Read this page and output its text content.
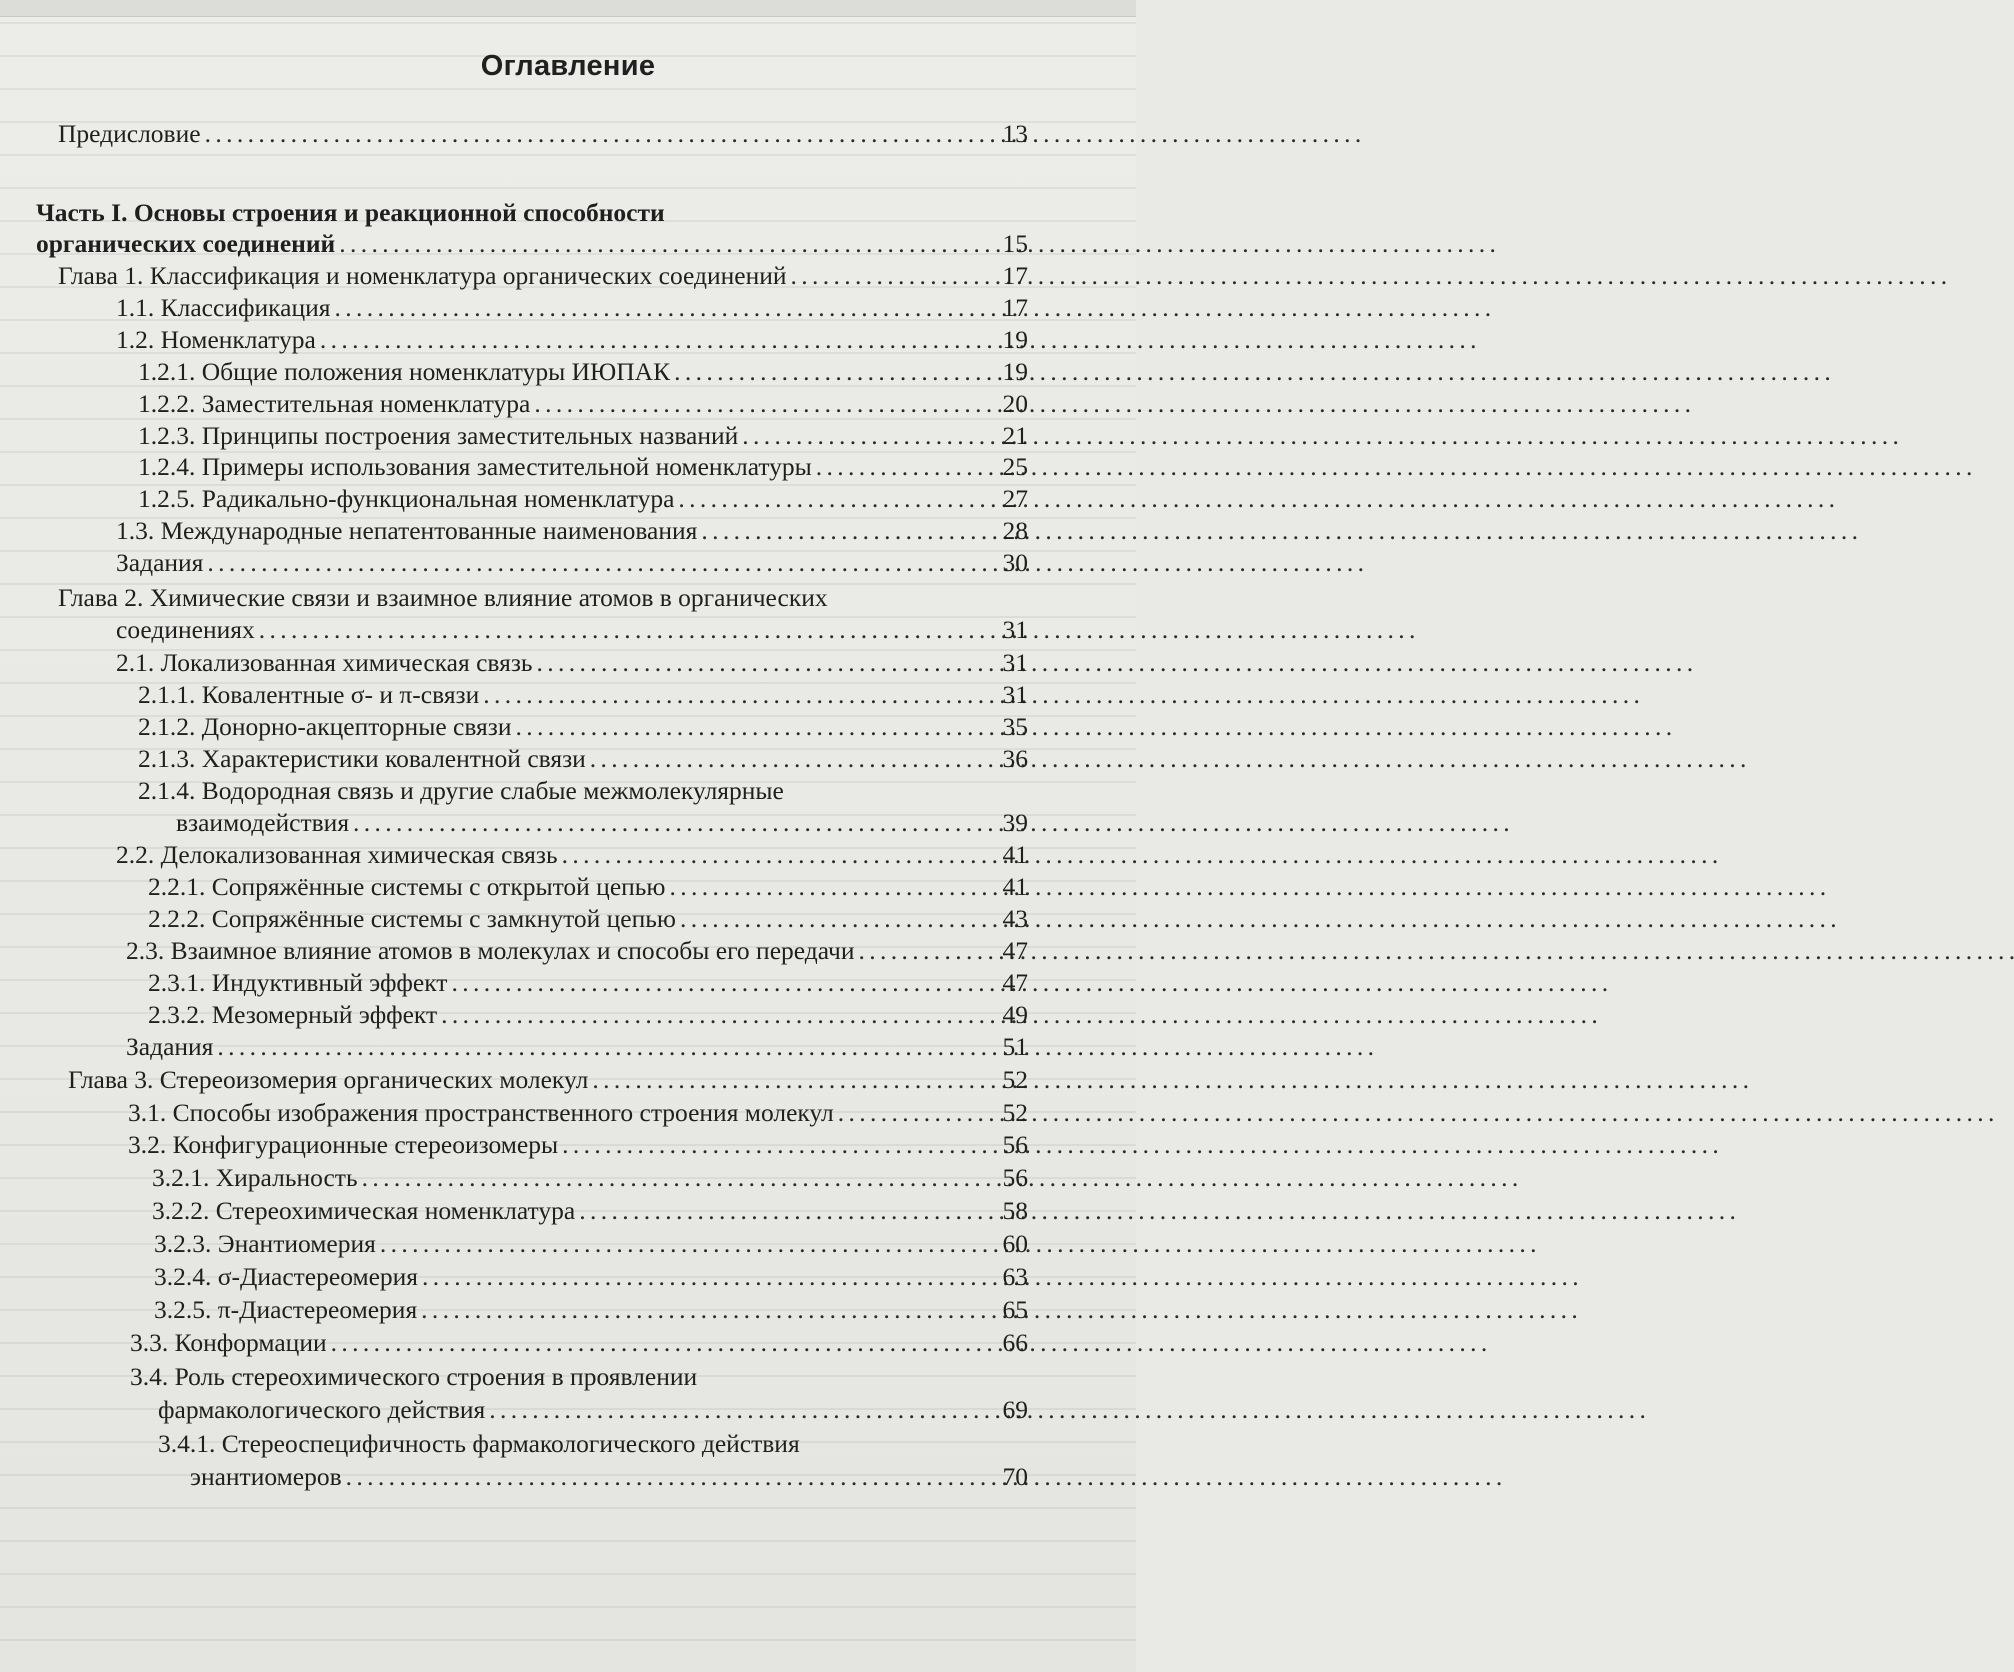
Оглавление
Предисловие . . .	13
Часть I. Основы строения и реакционной способности
органических соединений . . .	15
Глава 1. Классификация и номенклатура органических соединений . . .	17
1.1. Классификация . . .	17
1.2. Номенклатура . . .	19
1.2.1. Общие положения номенклатуры ИЮПАК . . .	19
1.2.2. Заместительная номенклатура . . .	20
1.2.3. Принципы построения заместительных названий . . .	21
1.2.4. Примеры использования заместительной номенклатуры . . .	25
1.2.5. Радикально-функциональная номенклатура . . .	27
1.3. Международные непатентованные наименования . . .	28
Задания . . .	30
Глава 2. Химические связи и взаимное влияние атомов в органических
соединениях . . .	31
2.1. Локализованная химическая связь . . .	31
2.1.1. Ковалентные σ- и π-связи . . .	31
2.1.2. Донорно-акцепторные связи . . .	35
2.1.3. Характеристики ковалентной связи . . .	36
2.1.4. Водородная связь и другие слабые межмолекулярные
взаимодействия . . .	39
2.2. Делокализованная химическая связь . . .	41
2.2.1. Сопряжённые системы с открытой цепью . . .	41
2.2.2. Сопряжённые системы с замкнутой цепью . . .	43
2.3. Взаимное влияние атомов в молекулах и способы его передачи . . .	47
2.3.1. Индуктивный эффект . . .	47
2.3.2. Мезомерный эффект . . .	49
Задания . . .	51
Глава 3. Стереоизомерия органических молекул . . .	52
3.1. Способы изображения пространственного строения молекул . . .	52
3.2. Конфигурационные стереоизомеры . . .	56
3.2.1. Хиральность . . .	56
3.2.2. Стереохимическая номенклатура . . .	58
3.2.3. Энантиомерия . . .	60
3.2.4. σ-Диастереомерия . . .	63
3.2.5. π-Диастереомерия . . .	65
3.3. Конформации . . .	66
3.4. Роль стереохимического строения в проявлении
фармакологического действия . . .	69
3.4.1. Стереоспецифичность фармакологического действия
энантиомеров . . .	70
